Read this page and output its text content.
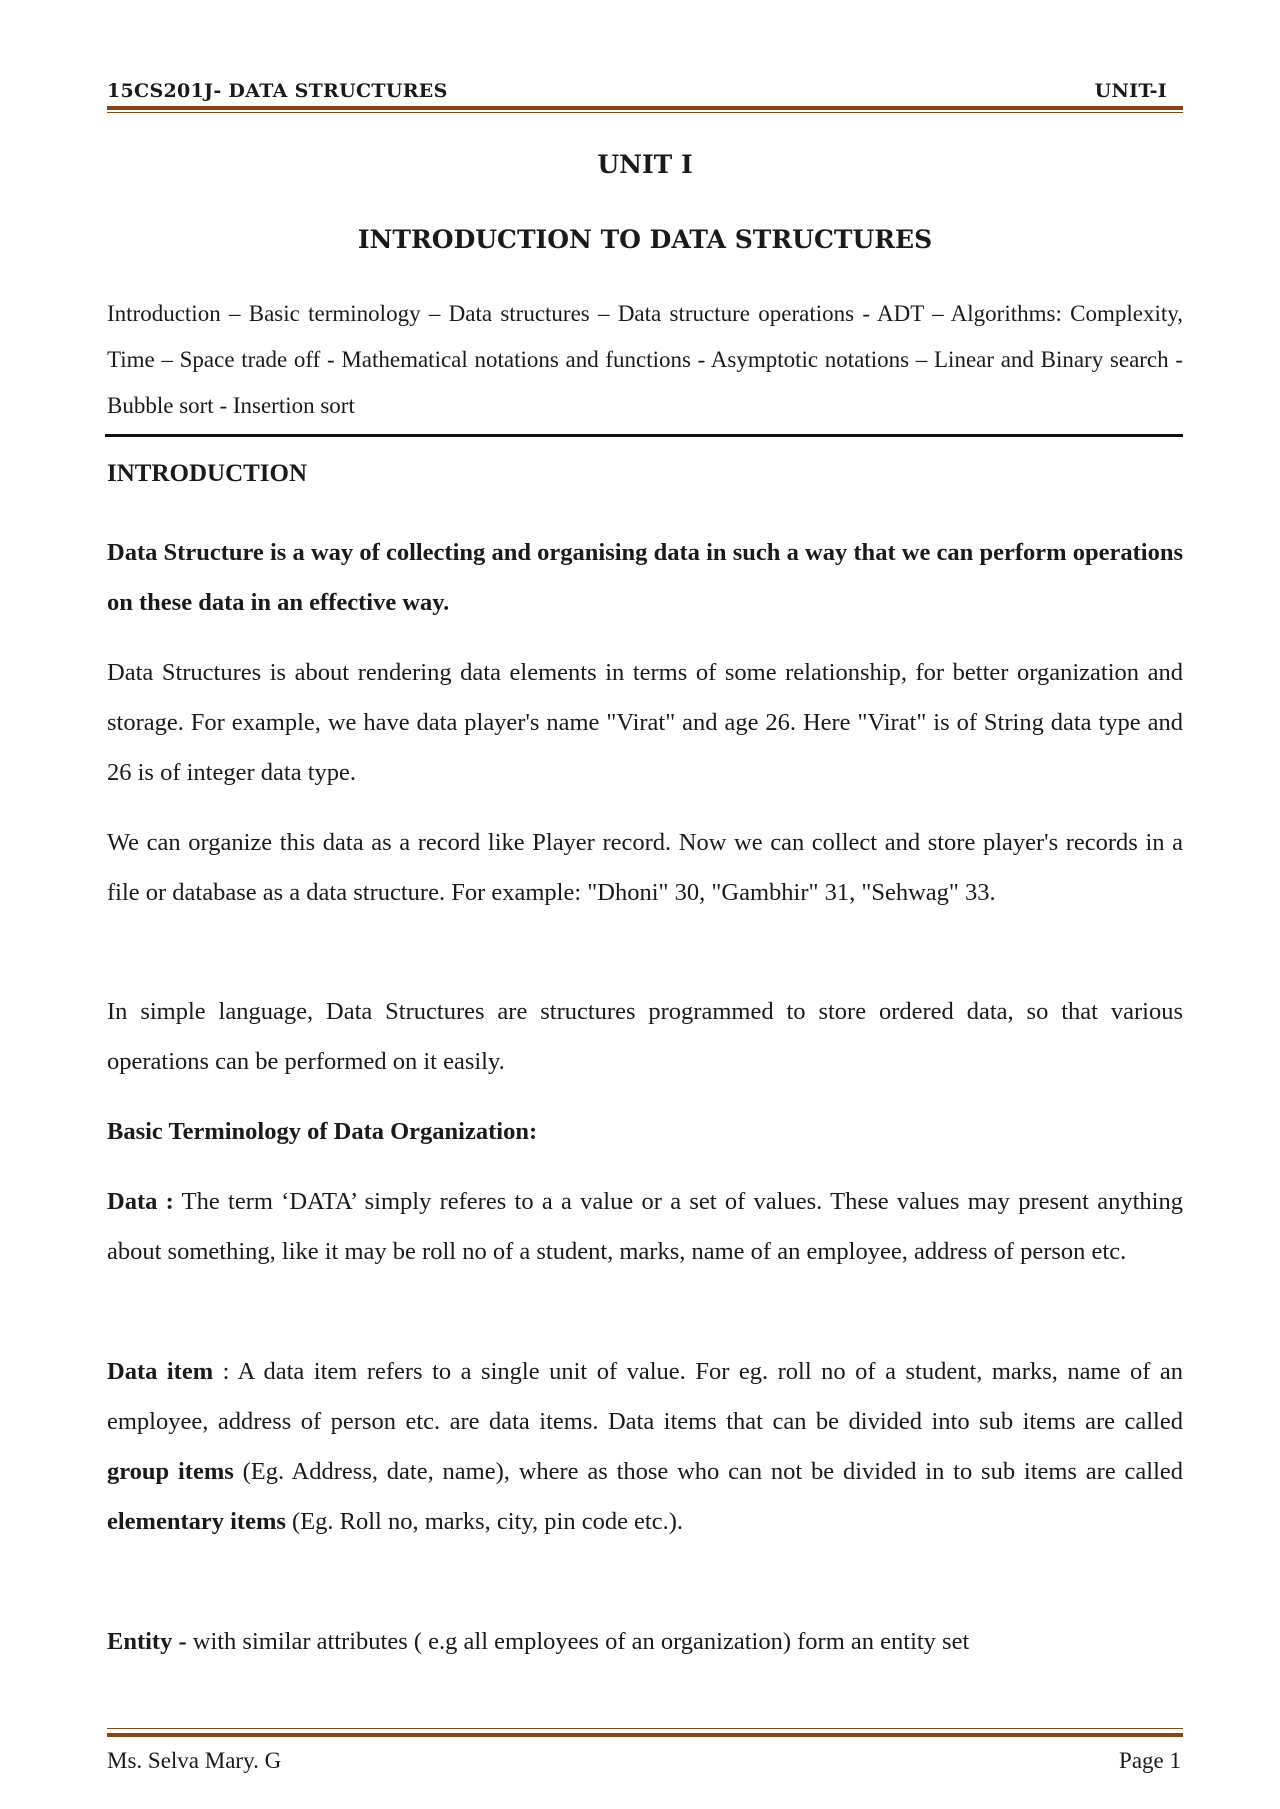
15CS201J- DATA STRUCTURES	UNIT-I
UNIT I
INTRODUCTION TO DATA STRUCTURES
Introduction – Basic terminology – Data structures – Data structure operations - ADT – Algorithms: Complexity, Time – Space trade off - Mathematical notations and functions - Asymptotic notations – Linear and Binary search - Bubble sort - Insertion sort
INTRODUCTION
Data Structure is a way of collecting and organising data in such a way that we can perform operations on these data in an effective way.
Data Structures is about rendering data elements in terms of some relationship, for better organization and storage. For example, we have data player's name "Virat" and age 26. Here "Virat" is of String data type and 26 is of integer data type.
We can organize this data as a record like Player record. Now we can collect and store player's records in a file or database as a data structure. For example: "Dhoni" 30, "Gambhir" 31, "Sehwag" 33.
In simple language, Data Structures are structures programmed to store ordered data, so that various operations can be performed on it easily.
Basic Terminology of Data Organization:
Data : The term ‘DATA’ simply referes to a a value or a set of values. These values may present anything about something, like it may be roll no of a student, marks, name of an employee, address of person etc.
Data item : A data item refers to a single unit of value. For eg. roll no of a student, marks, name of an employee, address of person etc. are data items. Data items that can be divided into sub items are called group items (Eg. Address, date, name), where as those who can not be divided in to sub items are called elementary items (Eg. Roll no, marks, city, pin code etc.).
Entity - with similar attributes ( e.g all employees of an organization) form an entity set
Ms. Selva Mary. G	Page 1
